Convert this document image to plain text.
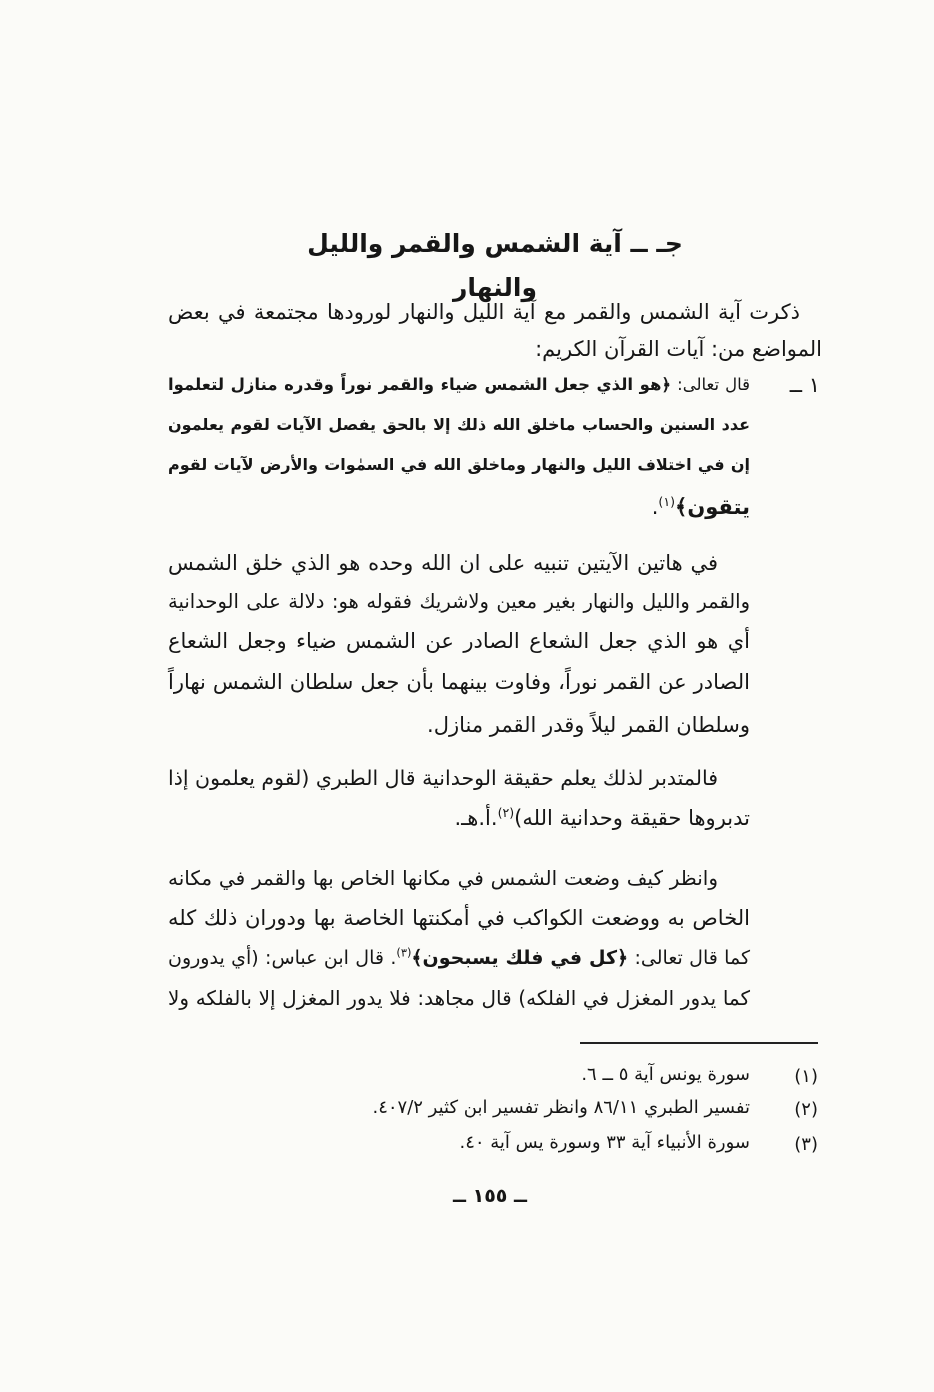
جـ ــ آية الشمس والقمر والليل والنهار
ذكرت آية الشمس والقمر مع آية الليل والنهار لورودها مجتمعة في بعض
المواضع من: آيات القرآن الكريم:
١ ــ
قال تعالى: ﴿هو الذي جعل الشمس ضياء والقمر نوراً وقدره منازل لتعلموا
عدد السنين والحساب ماخلق الله ذلك إلا بالحق يفصل الآيات لقوم يعلمون
إن في اختلاف الليل والنهار وماخلق الله في السمٰوات والأرض لآيات لقوم
يتقون﴾$^{(١)}$.
في هاتين الآيتين تنبيه على ان الله وحده هو الذي خلق الشمس
والقمر والليل والنهار بغير معين ولاشريك فقوله هو: دلالة على الوحدانية
أي هو الذي جعل الشعاع الصادر عن الشمس ضياء وجعل الشعاع
الصادر عن القمر نوراً، وفاوت بينهما بأن جعل سلطان الشمس نهاراً
وسلطان القمر ليلاً وقدر القمر منازل.
فالمتدبر لذلك يعلم حقيقة الوحدانية قال الطبري (لقوم يعلمون إذا
تدبروها حقيقة وحدانية الله)$^{(٢)}$.أ.هـ.
وانظر كيف وضعت الشمس في مكانها الخاص بها والقمر في مكانه
الخاص به ووضعت الكواكب في أمكنتها الخاصة بها ودوران ذلك كله
كما قال تعالى: ﴿كل في فلك يسبحون﴾$^{(٣)}$. قال ابن عباس: (أي يدورون
كما يدور المغزل في الفلكه) قال مجاهد: فلا يدور المغزل إلا بالفلكه ولا
(١)
سورة يونس آية ٥ ــ ٦.
(٢)
تفسير الطبري ٨٦/١١ وانظر تفسير ابن كثير ٤٠٧/٢.
(٣)
سورة الأنبياء آية ٣٣ وسورة يس آية ٤٠.
ــ ١٥٥ ــ
